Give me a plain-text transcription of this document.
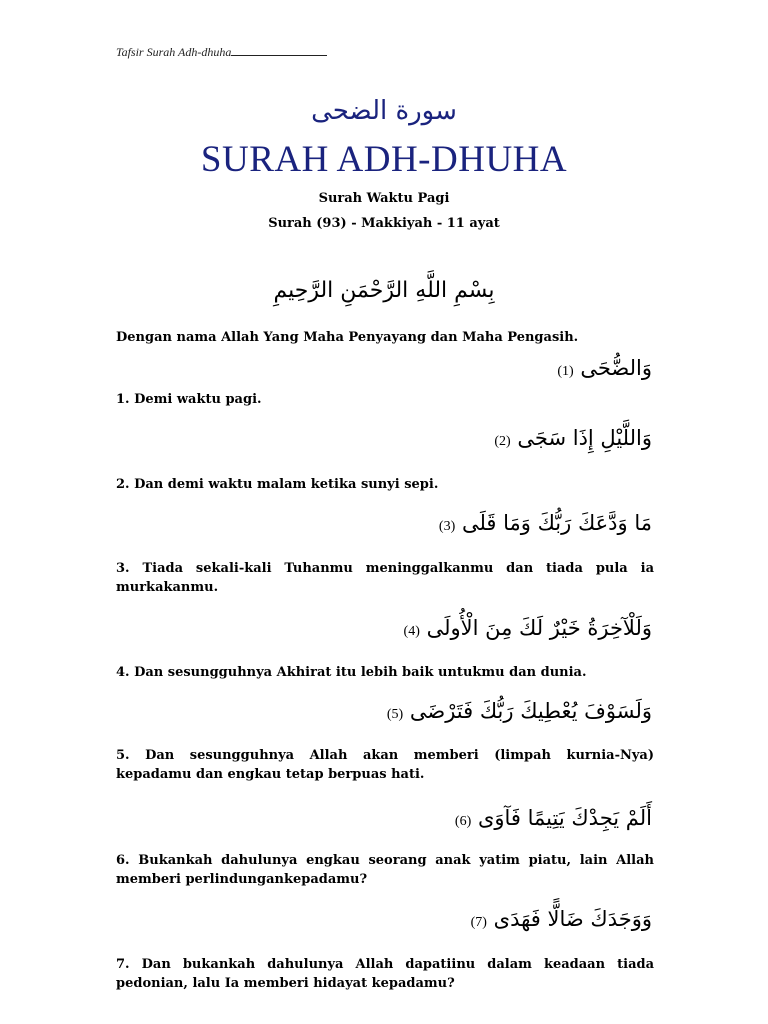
Tafsir Surah Adh-dhuha
سورة الضحى
SURAH ADH-DHUHA
Surah Waktu Pagi
Surah (93) - Makkiyah - 11 ayat
بِسْمِ اللَّهِ الرَّحْمَنِ الرَّحِيمِ
Dengan nama Allah Yang Maha Penyayang dan Maha Pengasih.
وَالضُّحَى (1)
1. Demi waktu pagi.
وَاللَّيْلِ إِذَا سَجَى (2)
2. Dan demi waktu malam ketika sunyi sepi.
مَا وَدَّعَكَ رَبُّكَ وَمَا قَلَى (3)
3. Tiada sekali-kali Tuhanmu meninggalkanmu dan tiada pula ia murkakanmu.
وَلَلْآخِرَةُ خَيْرٌ لَكَ مِنَ الْأُولَى (4)
4. Dan sesungguhnya Akhirat itu lebih baik untukmu dan dunia.
وَلَسَوْفَ يُعْطِيكَ رَبُّكَ فَتَرْضَى (5)
5. Dan sesungguhnya Allah akan memberi (limpah kurnia-Nya) kepadamu dan engkau tetap berpuas hati.
أَلَمْ يَجِدْكَ يَتِيمًا فَآوَى (6)
6. Bukankah dahulunya engkau seorang anak yatim piatu, lain Allah memberi perlindungankepadamu?
وَوَجَدَكَ ضَالًّا فَهَدَى (7)
7. Dan bukankah dahulunya Allah dapatiinu dalam keadaan tiada pedonian, lalu Ia memberi hidayat kepadamu?
